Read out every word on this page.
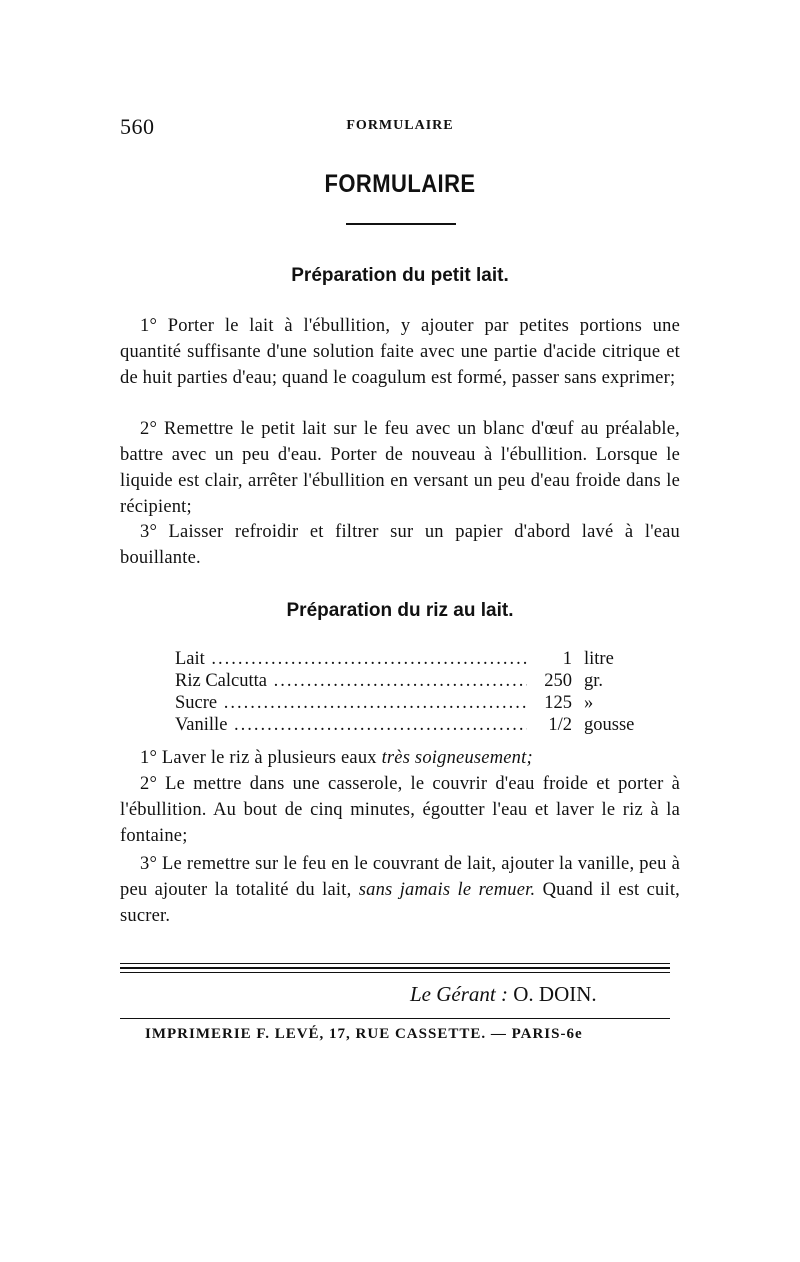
560	FORMULAIRE
FORMULAIRE
Préparation du petit lait.

1° Porter le lait à l'ébullition, y ajouter par petites portions une quantité suffisante d'une solution faite avec une partie d'acide citrique et de huit parties d'eau; quand le coagulum est formé, passer sans exprimer;

2° Remettre le petit lait sur le feu avec un blanc d'œuf au préalable, battre avec un peu d'eau. Porter de nouveau à l'ébullition. Lorsque le liquide est clair, arrêter l'ébullition en versant un peu d'eau froide dans le récipient;

3° Laisser refroidir et filtrer sur un papier d'abord lavé à l'eau bouillante.

Préparation du riz au lait.
Lait .....	1 litre
Riz Calcutta .....	250 gr.
Sucre .....	125 »
Vanille .....	1/2 gousse

1° Laver le riz à plusieurs eaux très soigneusement;

2° Le mettre dans une casserole, le couvrir d'eau froide et porter à l'ébullition. Au bout de cinq minutes, égoutter l'eau et laver le riz à la fontaine;

3° Le remettre sur le feu en le couvrant de lait, ajouter la vanille, peu à peu ajouter la totalité du lait, sans jamais le remuer. Quand il est cuit, sucrer.

Le Gérant : O. DOIN.
IMPRIMERIE F. LEVÉ, 17, RUE CASSETTE. — PARIS-6e
